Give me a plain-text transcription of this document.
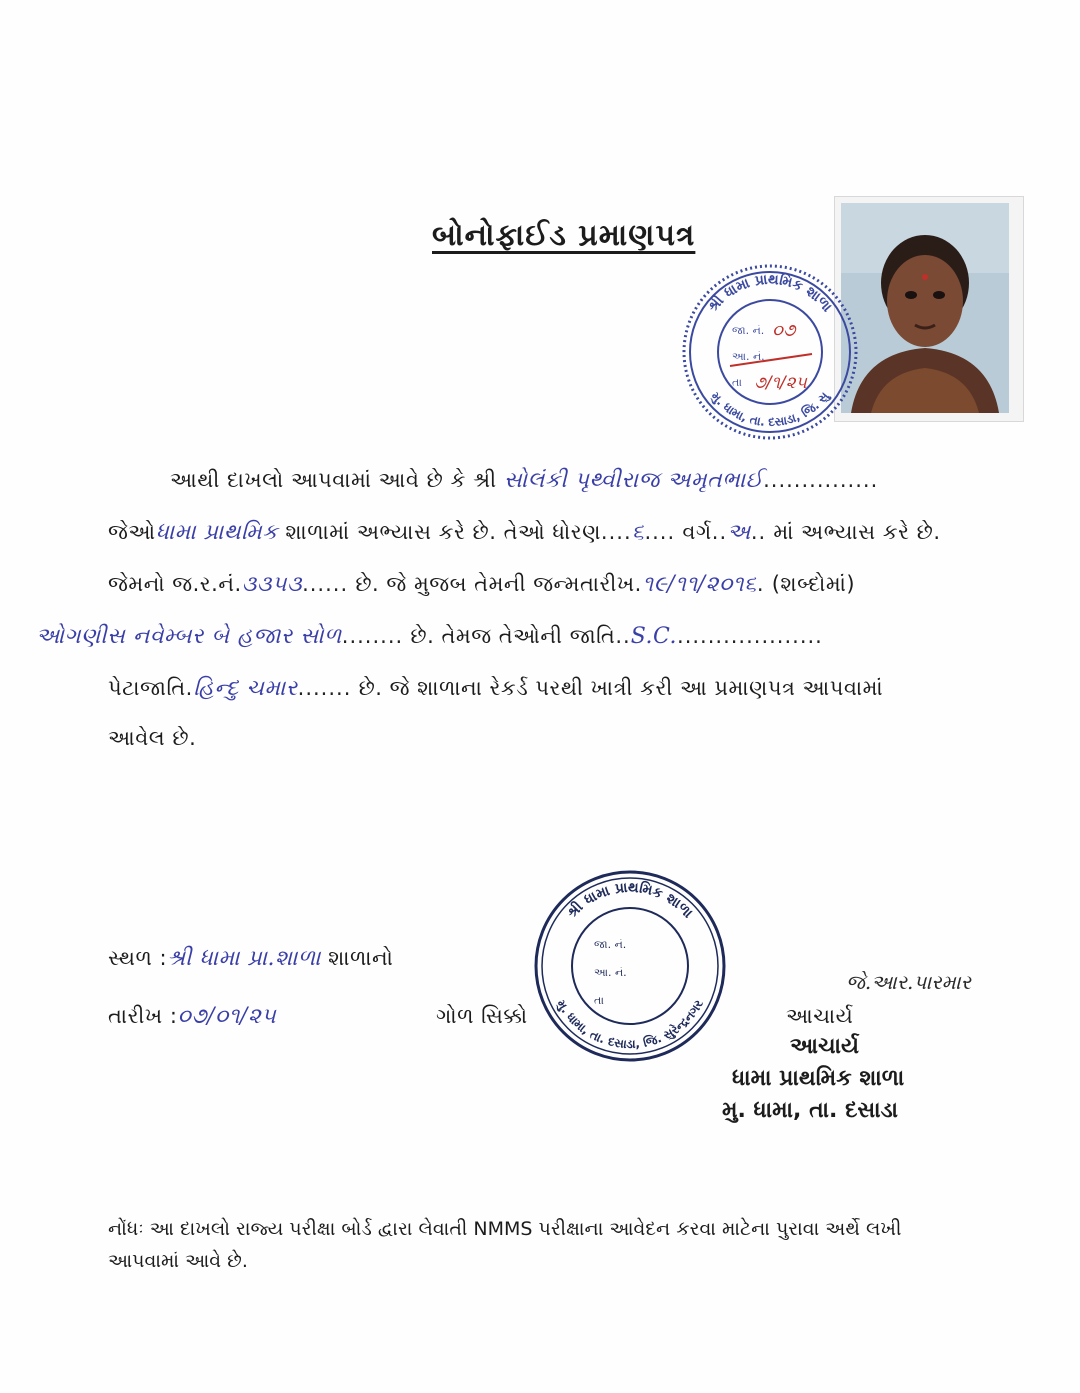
બોનોફાઈડ પ્રમાણપત્ર
શ્રી ધામા પ્રાથમિક શાળા
મુ. ધામા, તા. દસાડા, જિ. સુ
જા. નં. ૦૭
આ. નં.
તા ૭/૧/૨૫
આથી દાખલો આપવામાં આવે છે કે શ્રી સોલંકી પૃથ્વીરાજ અમૃતભાઈ...............
જેઓધામા પ્રાથમિક શાળામાં અભ્યાસ કરે છે. તેઓ ધોરણ....૬.... વર્ગ..અ.. માં અભ્યાસ કરે છે.
જેમનો જ.ર.નં.૩૩૫૩...... છે. જે મુજબ તેમની જન્મતારીખ.૧૯/૧૧/૨૦૧૬. (શબ્દોમાં)
ઓગણીસ નવેમ્બર બે હજાર સોળ........ છે. તેમજ તેઓની જાતિ..S.C....................
પેટાજાતિ.હિન્દુ ચમાર....... છે. જે શાળાના રેકર્ડ પરથી ખાત્રી કરી આ પ્રમાણપત્ર આપવામાં
આવેલ છે.
સ્થળ :શ્રી ધામા પ્રા.શાળા શાળાનો
તારીખ :૦૭/૦૧/૨૫	ગોળ સિક્કો
શ્રી ધામા પ્રાથમિક શાળા
મુ. ધામા, તા. દસાડા, જિ. સુરેન્દ્રનગર
જા. નં.
આ. નં.
તા
જે.આર.પારમાર
આચાર્ય
આચાર્ય
ધામા પ્રાથમિક શાળા
મુ. ધામા, તા. દસાડા
નોંધઃ આ દાખલો રાજ્ય પરીક્ષા બોર્ડ દ્વારા લેવાતી NMMS પરીક્ષાના આવેદન કરવા માટેના પુરાવા અર્થે લખી
આપવામાં આવે છે.
